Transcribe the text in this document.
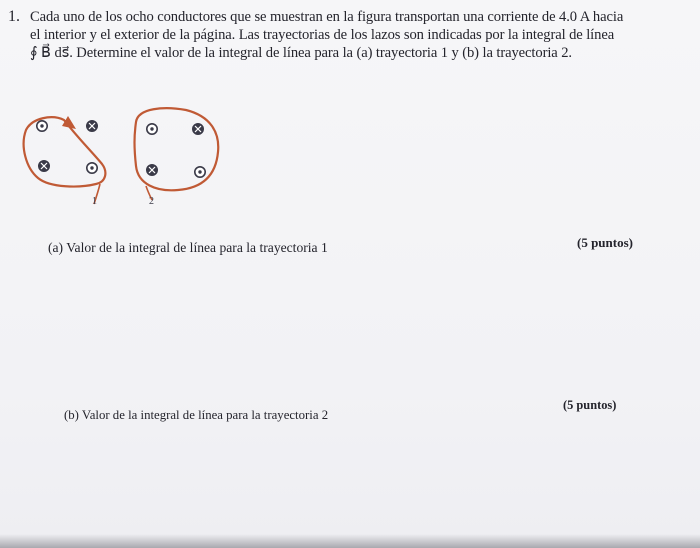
1. Cada uno de los ocho conductores que se muestran en la figura transportan una corriente de 4.0 A hacia
el interior y el exterior de la página. Las trayectorias de los lazos son indicadas por la integral de línea
∮ B⃗ ds⃗. Determine el valor de la integral de línea para la (a) trayectoria 1 y (b) la trayectoria 2.
1	2
(a) Valor de la integral de línea para la trayectoria 1	(5 puntos)
(b) Valor de la integral de línea para la trayectoria 2
(5 puntos)
